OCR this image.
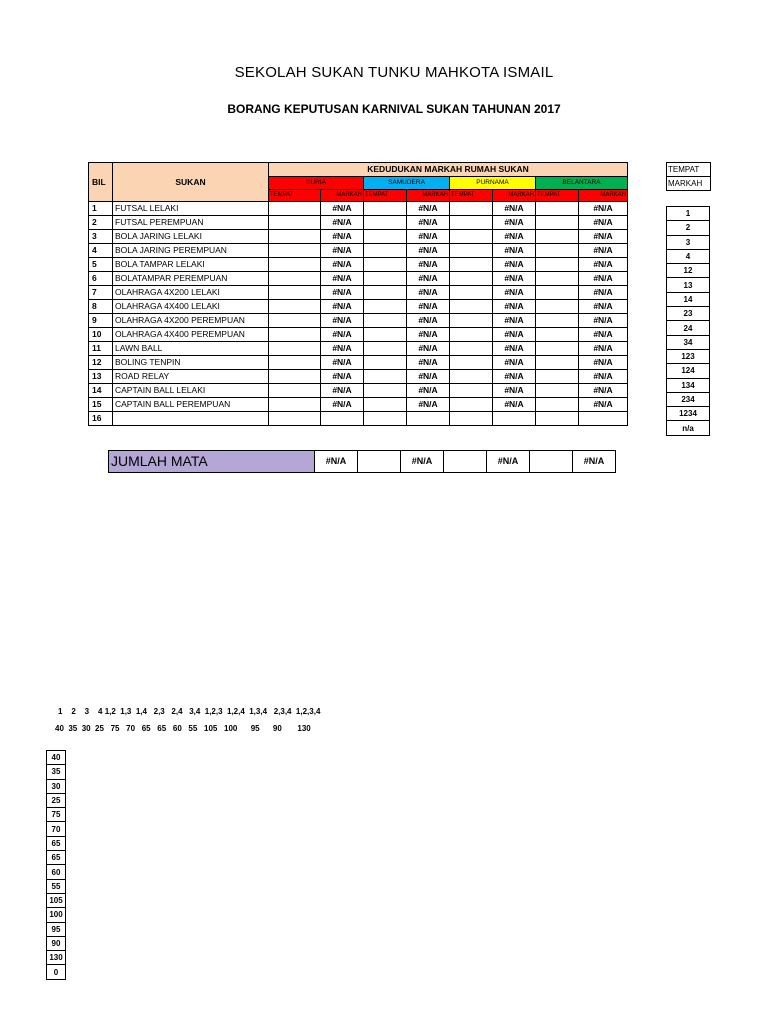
SEKOLAH SUKAN TUNKU MAHKOTA ISMAIL
BORANG KEPUTUSAN KARNIVAL SUKAN TAHUNAN 2017
BIL	SUKAN	KEDUDUKAN MARKAH RUMAH SUKAN							
		SURIA		SAMUDERA		PURNAMA		BELANTARA	
		TEMPAT	MARKAH	TEMPAT	MARKAH	TEMPAT	MARKAH	TEMPAT	MARKAH
1	FUTSAL LELAKI		#N/A		#N/A		#N/A		#N/A
2	FUTSAL PEREMPUAN		#N/A		#N/A		#N/A		#N/A
3	BOLA JARING LELAKI		#N/A		#N/A		#N/A		#N/A
4	BOLA JARING PEREMPUAN		#N/A		#N/A		#N/A		#N/A
5	BOLA TAMPAR LELAKI		#N/A		#N/A		#N/A		#N/A
6	BOLATAMPAR PEREMPUAN		#N/A		#N/A		#N/A		#N/A
7	OLAHRAGA 4X200 LELAKI		#N/A		#N/A		#N/A		#N/A
8	OLAHRAGA 4X400 LELAKI		#N/A		#N/A		#N/A		#N/A
9	OLAHRAGA 4X200 PEREMPUAN		#N/A		#N/A		#N/A		#N/A
10	OLAHRAGA 4X400 PEREMPUAN		#N/A		#N/A		#N/A		#N/A
11	LAWN BALL		#N/A		#N/A		#N/A		#N/A
12	BOLING TENPIN		#N/A		#N/A		#N/A		#N/A
13	ROAD RELAY		#N/A		#N/A		#N/A		#N/A
14	CAPTAIN BALL LELAKI		#N/A		#N/A		#N/A		#N/A
15	CAPTAIN BALL PEREMPUAN		#N/A		#N/A		#N/A		#N/A
16									
JUMLAH MATA	#N/A		#N/A		#N/A		#N/A
TEMPAT
MARKAH
1
2
3
4
12
13
14
23
24
34
123
124
134
234
1234
n/a
1    2    3    4 1,2  1,3  1,4   2,3   2,4   3,4  1,2,3  1,2,4  1,3,4   2,3,4  1,2,3,4
40  35  30  25   75   70   65   65   60   55   105   100      95      90       130
40
35
30
25
75
70
65
65
60
55
105
100
95
90
130
0
